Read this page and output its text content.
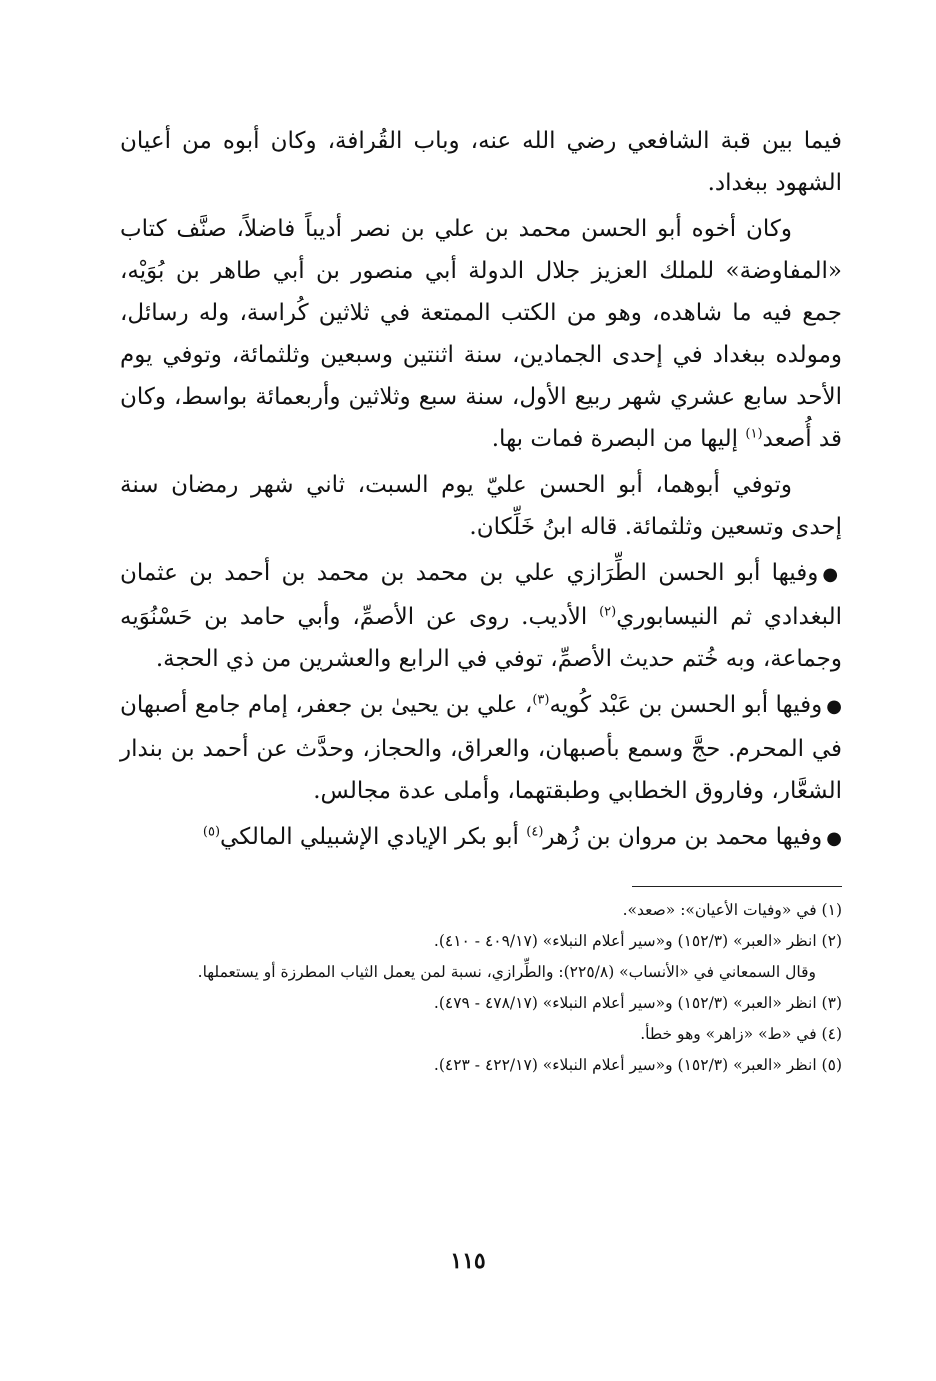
فيما بين قبة الشافعي رضي الله عنه، وباب القُرافة، وكان أبوه من أعيان الشهود ببغداد.

وكان أخوه أبو الحسن محمد بن علي بن نصر أديباً فاضلاً، صنَّف كتاب «المفاوضة» للملك العزيز جلال الدولة أبي منصور بن أبي طاهر بن بُوَيْه، جمع فيه ما شاهده، وهو من الكتب الممتعة في ثلاثين كُراسة، وله رسائل، ومولده ببغداد في إحدى الجمادين، سنة اثنتين وسبعين وثلثمائة، وتوفي يوم الأحد سابع عشري شهر ربيع الأول، سنة سبع وثلاثين وأربعمائة بواسط، وكان قد أُصعد$^{(١)}$ إليها من البصرة فمات بها.

وتوفي أبوهما، أبو الحسن عليّ يوم السبت، ثاني شهر رمضان سنة إحدى وتسعين وثلثمائة. قاله ابنُ خَلِّكان.

●وفيها أبو الحسن الطِّرَازي علي بن محمد بن محمد بن أحمد بن عثمان البغدادي ثم النيسابوري$^{(٢)}$ الأديب. روى عن الأصمِّ، وأبي حامد بن حَسْنُوَيه وجماعة، وبه خُتم حديث الأصمِّ، توفي في الرابع والعشرين من ذي الحجة.

●وفيها أبو الحسن بن عَبْد كُويه$^{(٣)}$، علي بن يحيىٰ بن جعفر، إمام جامع أصبهان في المحرم. حجَّ وسمع بأصبهان، والعراق، والحجاز، وحدَّث عن أحمد بن بندار الشعَّار، وفاروق الخطابي وطبقتهما، وأملى عدة مجالس.

●وفيها محمد بن مروان بن زُهر$^{(٤)}$ أبو بكر الإيادي الإشبيلي المالكي$^{(٥)}$

(١) في «وفيات الأعيان»: «صعد».

(٢) انظر «العبر» (١٥٢/٣) و«سير أعلام النبلاء» (٤٠٩/١٧ - ٤١٠).

وقال السمعاني في «الأنساب» (٢٢٥/٨): والطِّرازي، نسبة لمن يعمل الثياب المطرزة أو يستعملها.

(٣) انظر «العبر» (١٥٢/٣) و«سير أعلام النبلاء» (٤٧٨/١٧ - ٤٧٩).

(٤) في «ط» «زاهر» وهو خطأ.

(٥) انظر «العبر» (١٥٢/٣) و«سير أعلام النبلاء» (٤٢٢/١٧ - ٤٢٣).

١١٥
